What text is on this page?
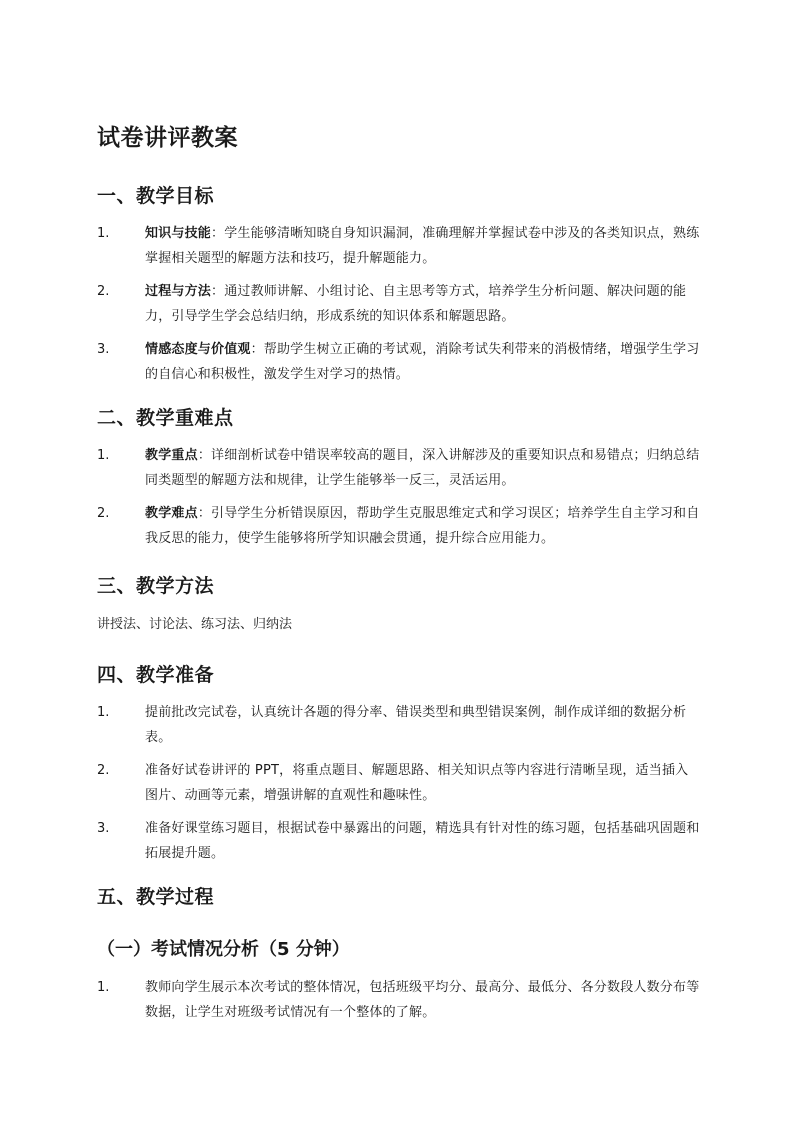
试卷讲评教案
一、教学目标
1.	知识与技能：学生能够清晰知晓自身知识漏洞，准确理解并掌握试卷中涉及的各类知识点，熟练掌握相关题型的解题方法和技巧，提升解题能力。
2.	过程与方法：通过教师讲解、小组讨论、自主思考等方式，培养学生分析问题、解决问题的能力，引导学生学会总结归纳，形成系统的知识体系和解题思路。
3.	情感态度与价值观：帮助学生树立正确的考试观，消除考试失利带来的消极情绪，增强学生学习的自信心和积极性，激发学生对学习的热情。
二、教学重难点
1.	教学重点：详细剖析试卷中错误率较高的题目，深入讲解涉及的重要知识点和易错点；归纳总结同类题型的解题方法和规律，让学生能够举一反三，灵活运用。
2.	教学难点：引导学生分析错误原因，帮助学生克服思维定式和学习误区；培养学生自主学习和自我反思的能力，使学生能够将所学知识融会贯通，提升综合应用能力。
三、教学方法

讲授法、讨论法、练习法、归纳法

四、教学准备
1.	提前批改完试卷，认真统计各题的得分率、错误类型和典型错误案例，制作成详细的数据分析表。
2.	准备好试卷讲评的 PPT，将重点题目、解题思路、相关知识点等内容进行清晰呈现，适当插入图片、动画等元素，增强讲解的直观性和趣味性。
3.	准备好课堂练习题目，根据试卷中暴露出的问题，精选具有针对性的练习题，包括基础巩固题和拓展提升题。
五、教学过程
（一）考试情况分析（5 分钟）
1.	教师向学生展示本次考试的整体情况，包括班级平均分、最高分、最低分、各分数段人数分布等数据，让学生对班级考试情况有一个整体的了解。
